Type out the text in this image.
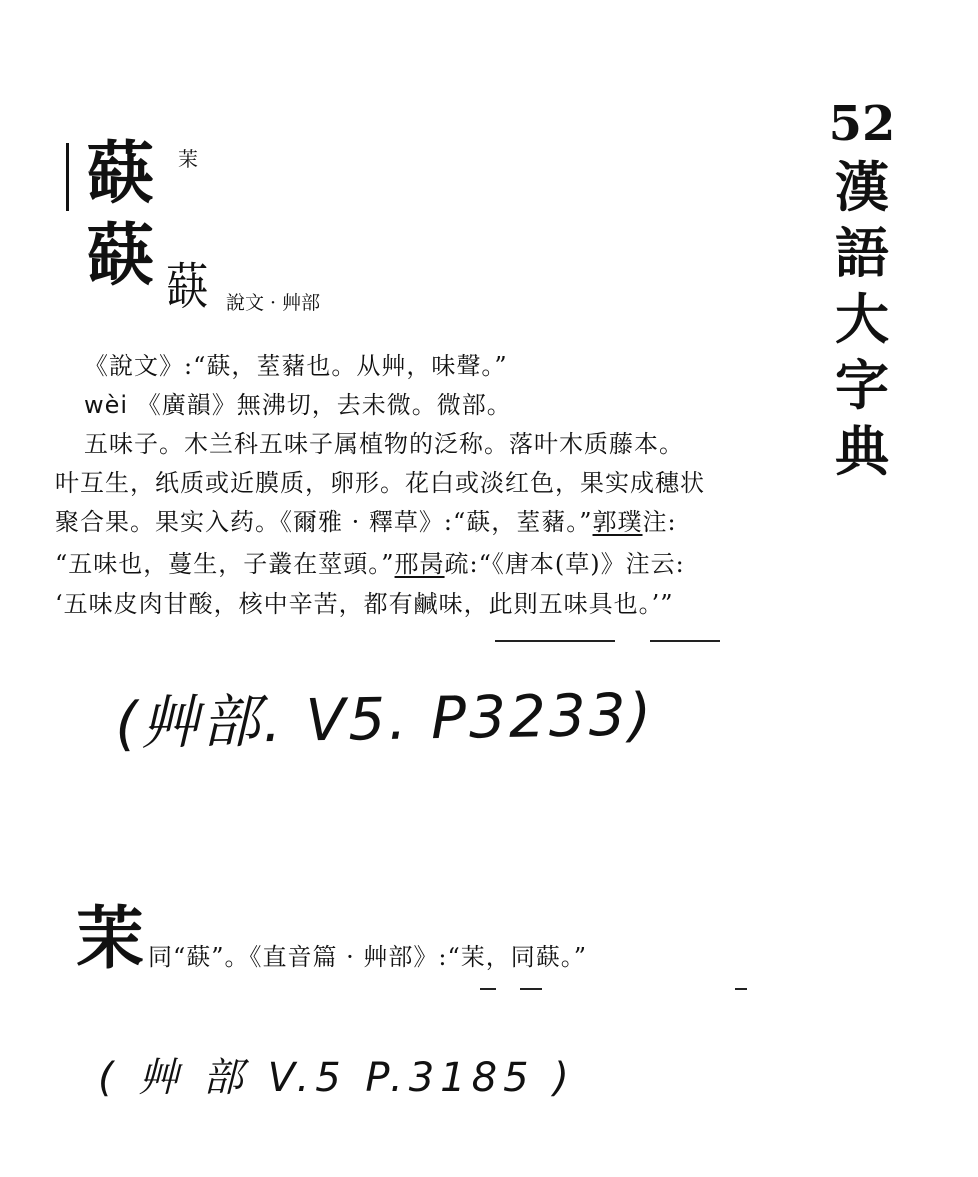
52
漢
語
大
字
典
蒛 茉
蒛 蒛 說文 · 艸部
《說文》:“蒛，荎藸也。从艸，味聲。”
wèi 《廣韻》無沸切，去未微。微部。
五味子。木兰科五味子属植物的泛称。落叶木质藤本。
叶互生，纸质或近膜质，卵形。花白或淡红色，果实成穗状
聚合果。果实入药。《爾雅 · 釋草》:“蒛，荎藸。”郭璞注:
“五味也，蔓生，子叢在莖頭。”邢昺疏:“《唐本(草)》注云:
‘五味皮肉甘酸，核中辛苦，都有鹹味，此則五味具也。’”
(艸部. V5. P3233)
茉 同“蒛”。《直音篇 · 艸部》:“茉，同蒛。”
( 艸 部 V.5 P.3185 )
